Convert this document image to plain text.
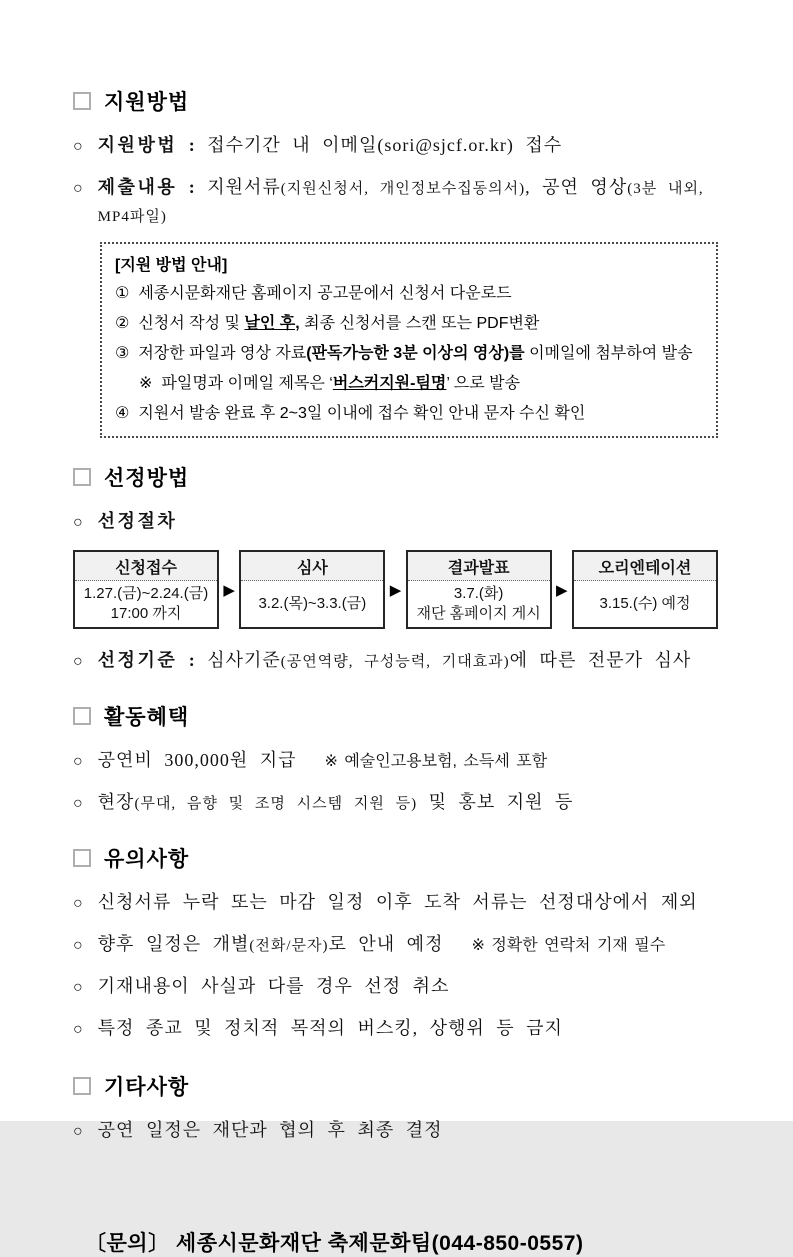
지원방법
○ 지원방법 : 접수기간 내 이메일(sori@sjcf.or.kr) 접수
○ 제출내용 : 지원서류(지원신청서, 개인정보수집동의서), 공연 영상(3분 내외, MP4파일)
[지원 방법 안내]
① 세종시문화재단 홈페이지 공고문에서 신청서 다운로드
② 신청서 작성 및 날인 후, 최종 신청서를 스캔 또는 PDF변환
③ 저장한 파일과 영상 자료(판독가능한 3분 이상의 영상)를 이메일에 첨부하여 발송
※ 파일명과 이메일 제목은 ‘버스커지원-팀명’ 으로 발송
④ 지원서 발송 완료 후 2~3일 이내에 접수 확인 안내 문자 수신 확인
선정방법
○ 선정절차
신청접수
1.27.(금)~2.24.(금)
17:00 까지
▶
심사
3.2.(목)~3.3.(금)
▶
결과발표
3.7.(화)
재단 홈페이지 게시
▶
오리엔테이션
3.15.(수) 예정
○ 선정기준 : 심사기준(공연역량, 구성능력, 기대효과)에 따른 전문가 심사
활동혜택
○ 공연비 300,000원 지급 ※ 예술인고용보험, 소득세 포함
○ 현장(무대, 음향 및 조명 시스템 지원 등) 및 홍보 지원 등
유의사항
○ 신청서류 누락 또는 마감 일정 이후 도착 서류는 선정대상에서 제외
○ 향후 일정은 개별(전화/문자)로 안내 예정 ※ 정확한 연락처 기재 필수
○ 기재내용이 사실과 다를 경우 선정 취소
○ 특정 종교 및 정치적 목적의 버스킹, 상행위 등 금지
기타사항
○ 공연 일정은 재단과 협의 후 최종 결정
〔문의〕 세종시문화재단 축제문화팀(044-850-0557)
